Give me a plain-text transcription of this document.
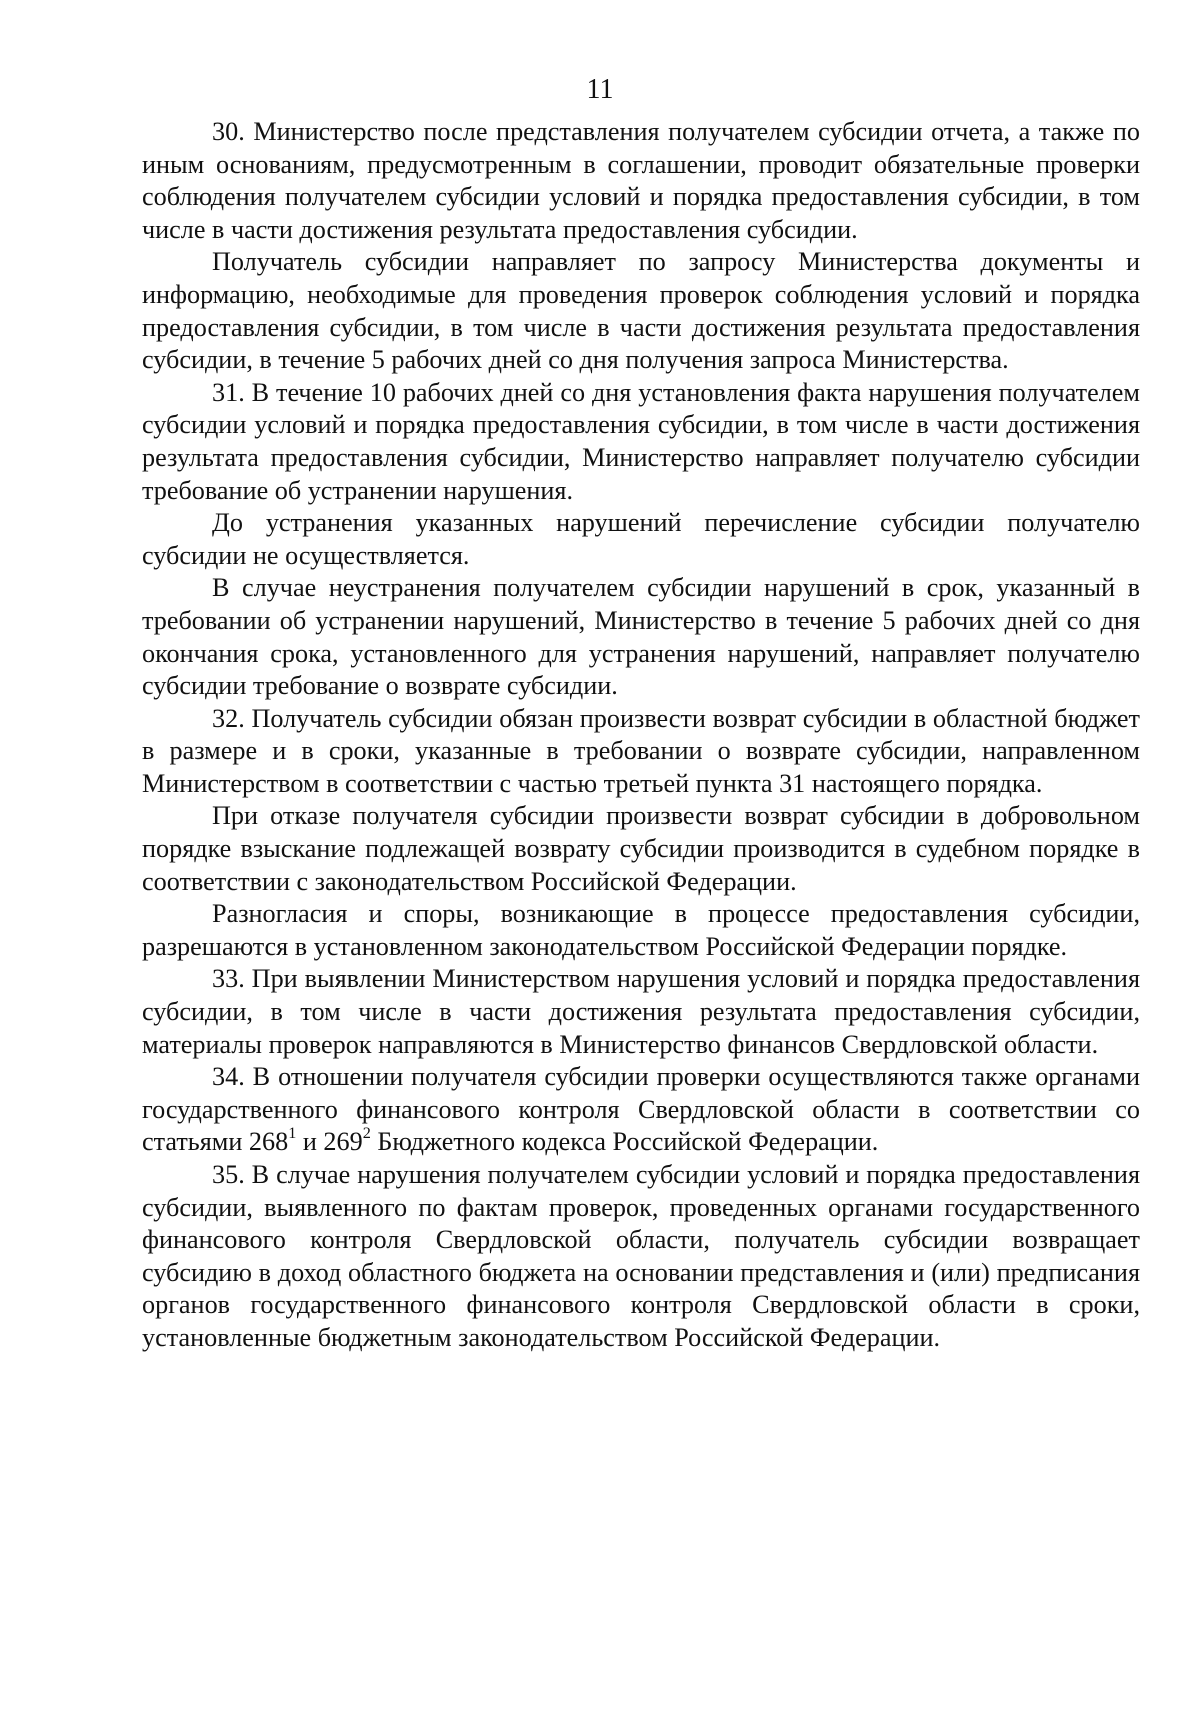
11

30. Министерство после представления получателем субсидии отчета, а также по иным основаниям, предусмотренным в соглашении, проводит обязательные проверки соблюдения получателем субсидии условий и порядка предоставления субсидии, в том числе в части достижения результата предоставления субсидии.

Получатель субсидии направляет по запросу Министерства документы и информацию, необходимые для проведения проверок соблюдения условий и порядка предоставления субсидии, в том числе в части достижения результата предоставления субсидии, в течение 5 рабочих дней со дня получения запроса Министерства.

31. В течение 10 рабочих дней со дня установления факта нарушения получателем субсидии условий и порядка предоставления субсидии, в том числе в части достижения результата предоставления субсидии, Министерство направляет получателю субсидии требование об устранении нарушения.

До устранения указанных нарушений перечисление субсидии получателю субсидии не осуществляется.

В случае неустранения получателем субсидии нарушений в срок, указанный в требовании об устранении нарушений, Министерство в течение 5 рабочих дней со дня окончания срока, установленного для устранения нарушений, направляет получателю субсидии требование о возврате субсидии.

32. Получатель субсидии обязан произвести возврат субсидии в областной бюджет в размере и в сроки, указанные в требовании о возврате субсидии, направленном Министерством в соответствии с частью третьей пункта 31 настоящего порядка.

При отказе получателя субсидии произвести возврат субсидии в добровольном порядке взыскание подлежащей возврату субсидии производится в судебном порядке в соответствии с законодательством Российской Федерации.

Разногласия и споры, возникающие в процессе предоставления субсидии, разрешаются в установленном законодательством Российской Федерации порядке.

33. При выявлении Министерством нарушения условий и порядка предоставления субсидии, в том числе в части достижения результата предоставления субсидии, материалы проверок направляются в Министерство финансов Свердловской области.

34. В отношении получателя субсидии проверки осуществляются также органами государственного финансового контроля Свердловской области в соответствии со статьями $268^1$ и $269^2$ Бюджетного кодекса Российской Федерации.

35. В случае нарушения получателем субсидии условий и порядка предоставления субсидии, выявленного по фактам проверок, проведенных органами государственного финансового контроля Свердловской области, получатель субсидии возвращает субсидию в доход областного бюджета на основании представления и (или) предписания органов государственного финансового контроля Свердловской области в сроки, установленные бюджетным законодательством Российской Федерации.
